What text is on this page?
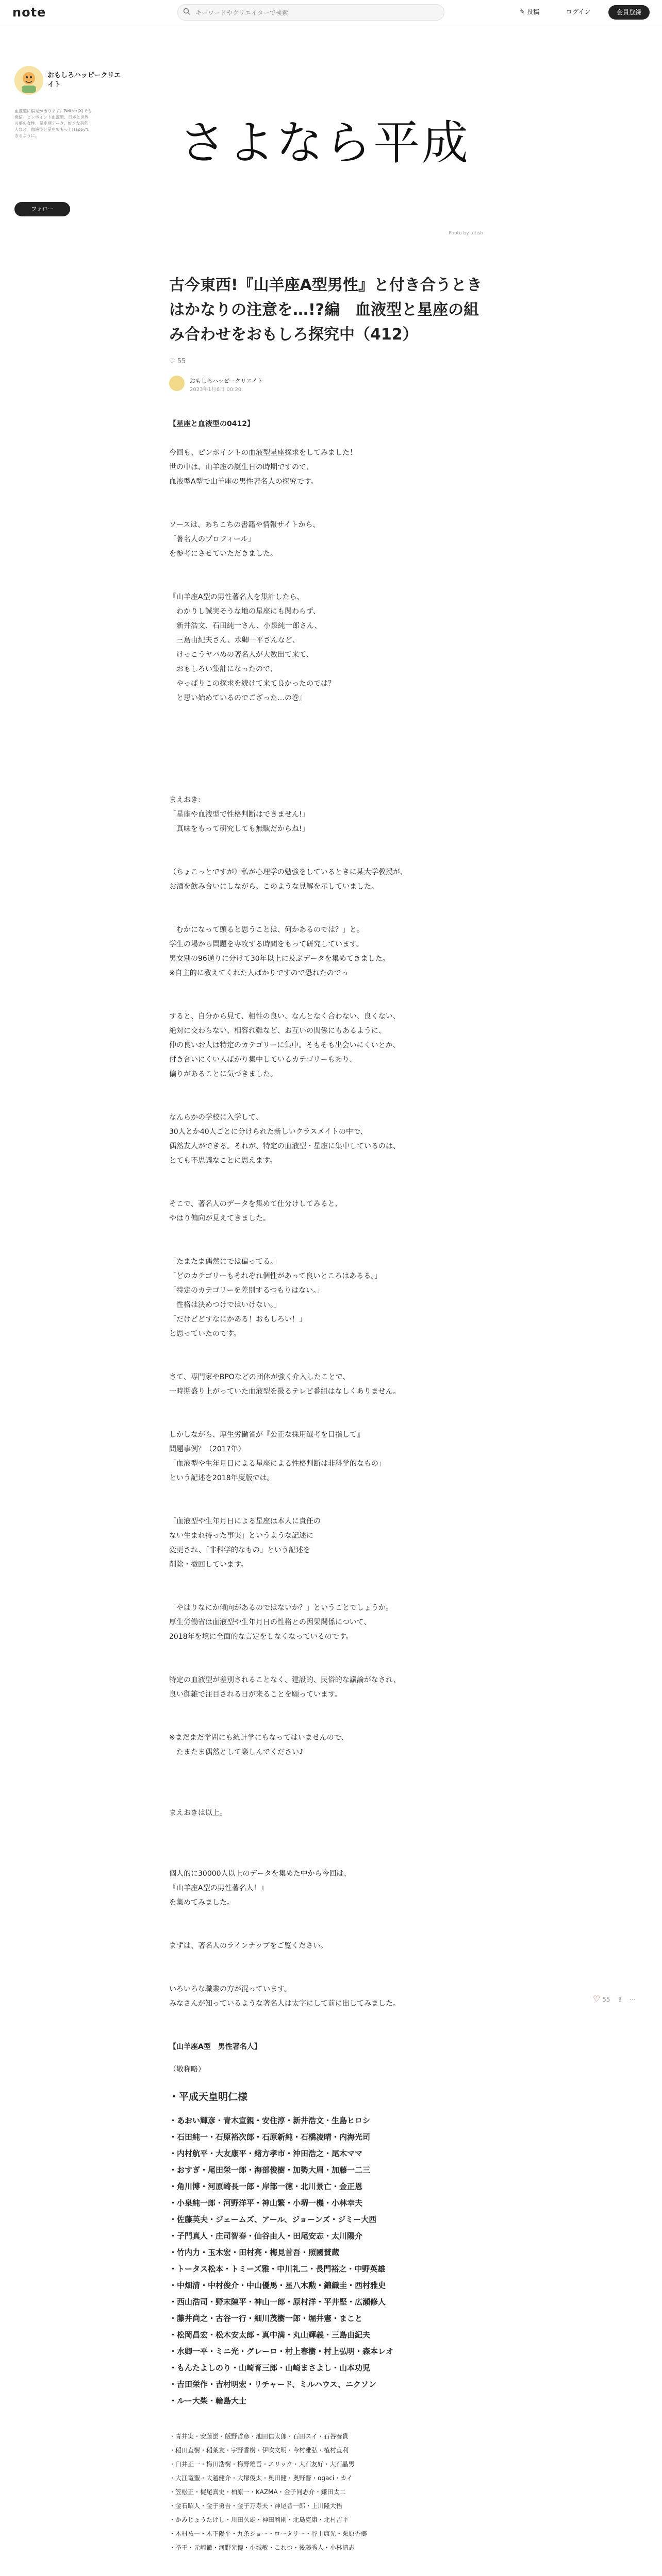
note	キーワードやクリエイターで検索	✎ 投稿	ログイン	会員登録
おもしろハッピークリエイト
血液型に偏見があります。Twitter(X)でも発信。ピンポイント血液型、日本と世界の夢の女性、星座別データ、好きな芸能人など。血液型と星座でもっとHappyできるように。
フォロー
さよなら平成
Photo by ultish
古今東西!『山羊座A型男性』と付き合うときはかなりの注意を…!?編　血液型と星座の組み合わせをおもしろ探究中（412）
♡ 55
おもしろハッピークリエイト
2023年1月6日 00:20

【星座と血液型の0412】

今回も、ピンポイントの血液型星座探求をしてみました！
世の中は、山羊座の誕生日の時期ですので、
血液型A型で山羊座の男性著名人の探究です。

ソースは、あちこちの書籍や情報サイトから、
「著名人のプロフィール」
を参考にさせていただきました。

『山羊座A型の男性著名人を集計したら、
　わかりし誠実そうな地の星座にも関わらず、
　新井浩文、石田純一さん、小泉純一郎さん、
　三島由紀夫さん、水卿一平さんなど、
　けっこうヤバめの著名人が大数出て来て、
　おもしろい集計になったので、
　やっぱりこの探求を続けて来て良かったのでは？
　と思い始めているのでござった…の巻』

まえおき:
「星座や血液型で性格判断はできません!」
「真味をもって研究しても無駄だからね!」

（ちょこっとですが）私が心理学の勉強をしているときに某大学教授が、
お酒を飲み合いにしながら、このような見解を示していました。

「むかになって頭ると思うことは、何かあるのでは？」と。
学生の場から問題を専攻する時間をもって研究しています。
男女別の96通りに分けて30年以上に及ぶデータを集めてきました。
※自主的に教えてくれた人ばかりですので恐れたのでっ

すると、自分から見て、相性の良い、なんとなく合わない、良くない、
絶対に交わらない、相容れ難など、お互いの関係にもあるように、
仲の良いお人は特定のカテゴリーに集中。そもそも出会いにくいとか、
付き合いにくい人ばかり集中しているカテゴリーもあり、
偏りがあることに気づきました。

なんらかの学校に入学して、
30人とか40人ごとに分けられた新しいクラスメイトの中で、
偶然友人ができる。それが、特定の血液型・星座に集中しているのは、
とても不思議なことに思えます。

そこで、著名人のデータを集めて仕分けしてみると、
やはり偏向が見えてきました。

「たまたま偶然にでは偏ってる。」
「どのカテゴリーもそれぞれ個性があって良いところはあるる。」
「特定のカテゴリーを差別するつもりはない。」
　性格は決めつけではいけない。」
「だけどどすなにかある！おもしろい！」
と思っていたのです。

さて、専門家やBPOなどの団体が強く介入したことで、
一時期盛り上がっていた血液型を扱るテレビ番組はなしくありません。

しかしながら、厚生労働省が『公正な採用選考を目指して』
問題事例？（2017年）
「血液型や生年月日による星座による性格判断は非科学的なもの」
という記述を2018年度版では。

「血液型や生年月日による星座は本人に責任の
ない生まれ持った事実」というような記述に
変更され、「非科学的なもの」という記述を
削除・撤回しています。

「やはりなにか傾向があるのではないか？」ということでしょうか。
厚生労働省は血液型や生年月日の性格との因果関係について、
2018年を境に全面的な言定をしなくなっているのです。

特定の血液型が差別されることなく、建設的、民俗的な議論がなされ、
良い御雑で注目される日が来ることを願っています。

※まだまだ学問にも統計学にもなってはいませんので、
　たまたま偶然として楽しんでください♪

まえおきは以上。

個人的に30000人以上のデータを集めた中から今回は、
『山羊座A型の男性著名人！』
を集めてみました。

まずは、著名人のラインナップをご覧ください。

いろいろな職業の方が混っています。
みなさんが知っているような著名人は太字にして前に出してみました。

【山羊座A型　男性著名人】

（敬称略）

・平成天皇明仁様
・あおい輝彦・青木宣親・安住淳・新井浩文・生島ヒロシ
・石田純一・石原裕次郎・石原新純・石橋凌晴・内海光司
・内村航平・大友康平・緒方孝市・沖田浩之・尾木ママ
・おすぎ・尾田栄一郎・海部俊樹・加勢大周・加藤一二三
・角川博・河原崎長一郎・岸部一徳・北川景亡・金正恩
・小泉純一郎・河野洋平・神山繁・小堺一機・小林幸夫
・佐藤英夫・ジェームズ、アール、ジョーンズ・ジミー大西
・子門真人・庄司智春・仙谷由人・田尾安志・太川陽介
・竹内力・玉木宏・田村亮・梅見首吾・照國賛蔵
・トータス松本・トミーズ雅・中川礼二・長門裕之・中野英雄
・中畑清・中村俊介・中山優馬・星八木勲・錦織圭・西村雅史
・西山浩司・野末陳平・神山一郎・原村洋・平井堅・広瀬修人
・藤井尚之・古谷一行・細川茂樹一郎・堀井憲・まこと
・松岡昌宏・松木安太郎・真中満・丸山輝義・三島由紀夫
・水卿一平・ミニ光・グレーロ・村上春樹・村上弘明・森本レオ
・もんたよしのり・山崎育三郎・山崎まさよし・山本功児
・吉田栄作・吉村明宏・リチャード、ミルハウス、ニクソン
・ルー大柴・輪島大士
・青井実・安藤蛍・飯野哲彦・池田信太郎・石田スイ・石谷春貴
・稲田直樹・稲葉友・宇野香樹・伊吹文明・今村雅弘・植村直利
・臼井正一・梅田浩樹・梅野雄吾・エリック・大石友好・大石晶男
・大江竜聖・大越健介・大塚俊太・奥田健・奥野晋・ogaci・カイ
・笠松正・梶尾真史・柏原一・KAZMA・金子同志介・鎌田太二
・金石昭人・金子勇吾・金子万寿夫・神尾晋一郎・上川隆大悟
・かみじょうたけし・川田久雄・神田利則・北島克康・北村吉平
・木村祐一・木下陽平・九条ジョー・ロータリー・谷上康光・栗原香郷
・挙王・元崎徹・河野光博・小城敏・これつ・後藤秀人・小林清志
♡ 55 ⇪ ⋯
